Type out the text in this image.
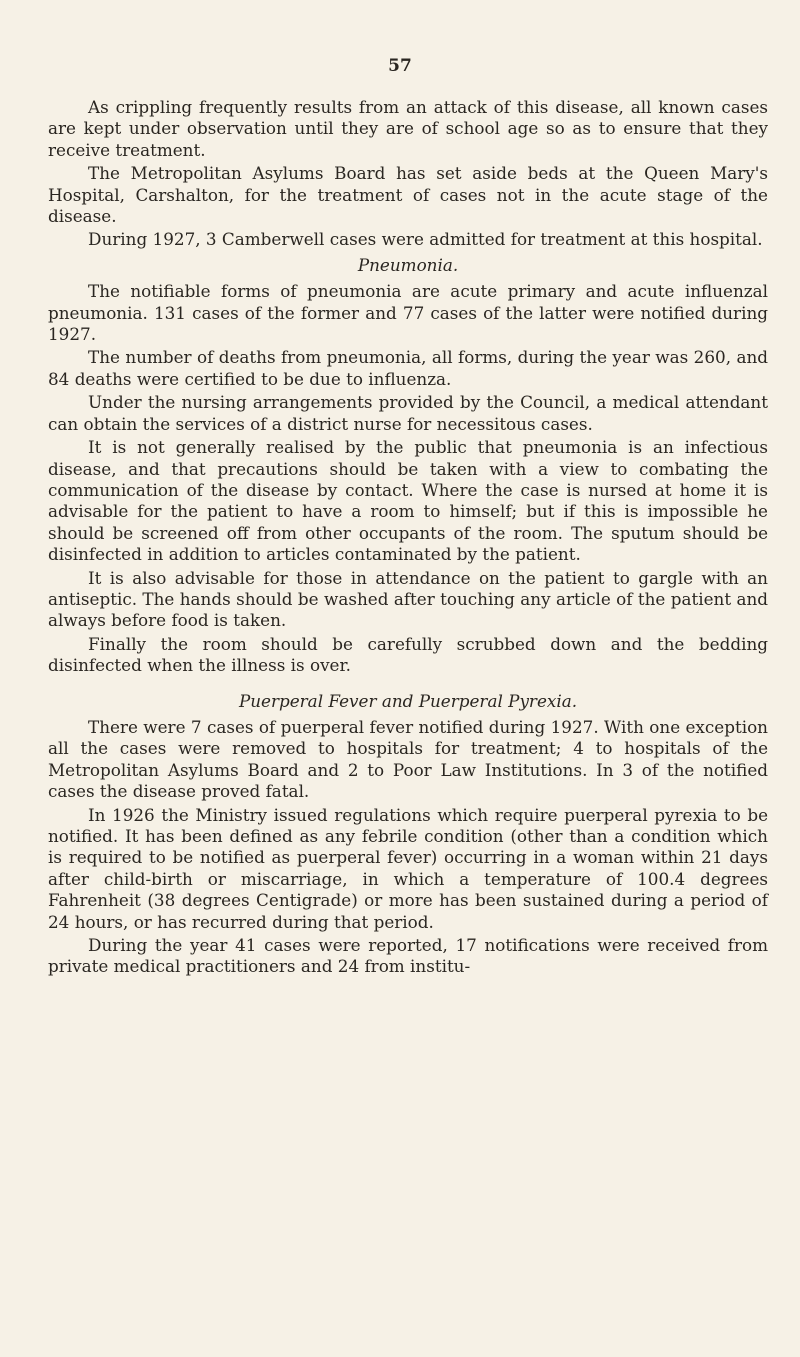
57

As crippling frequently results from an attack of this disease, all known cases are kept under observation until they are of school age so as to ensure that they receive treatment.

The Metropolitan Asylums Board has set aside beds at the Queen Mary's Hospital, Carshalton, for the treatment of cases not in the acute stage of the disease.

During 1927, 3 Camberwell cases were admitted for treatment at this hospital.

Pneumonia.

The notifiable forms of pneumonia are acute primary and acute influenzal pneumonia. 131 cases of the former and 77 cases of the latter were notified during 1927.

The number of deaths from pneumonia, all forms, during the year was 260, and 84 deaths were certified to be due to influenza.

Under the nursing arrangements provided by the Council, a medical attendant can obtain the services of a district nurse for necessitous cases.

It is not generally realised by the public that pneumonia is an infectious disease, and that precautions should be taken with a view to combating the communication of the disease by contact. Where the case is nursed at home it is advisable for the patient to have a room to himself; but if this is impossible he should be screened off from other occupants of the room. The sputum should be disinfected in addition to articles contaminated by the patient.

It is also advisable for those in attendance on the patient to gargle with an antiseptic. The hands should be washed after touching any article of the patient and always before food is taken.

Finally the room should be carefully scrubbed down and the bedding disinfected when the illness is over.

Puerperal Fever and Puerperal Pyrexia.

There were 7 cases of puerperal fever notified during 1927. With one exception all the cases were removed to hospitals for treatment; 4 to hospitals of the Metropolitan Asylums Board and 2 to Poor Law Institutions. In 3 of the notified cases the disease proved fatal.

In 1926 the Ministry issued regulations which require puerperal pyrexia to be notified. It has been defined as any febrile condition (other than a condition which is required to be notified as puerperal fever) occurring in a woman within 21 days after child-birth or miscarriage, in which a temperature of 100.4 degrees Fahrenheit (38 degrees Centigrade) or more has been sustained during a period of 24 hours, or has recurred during that period.

During the year 41 cases were reported, 17 notifications were received from private medical practitioners and 24 from institu-
